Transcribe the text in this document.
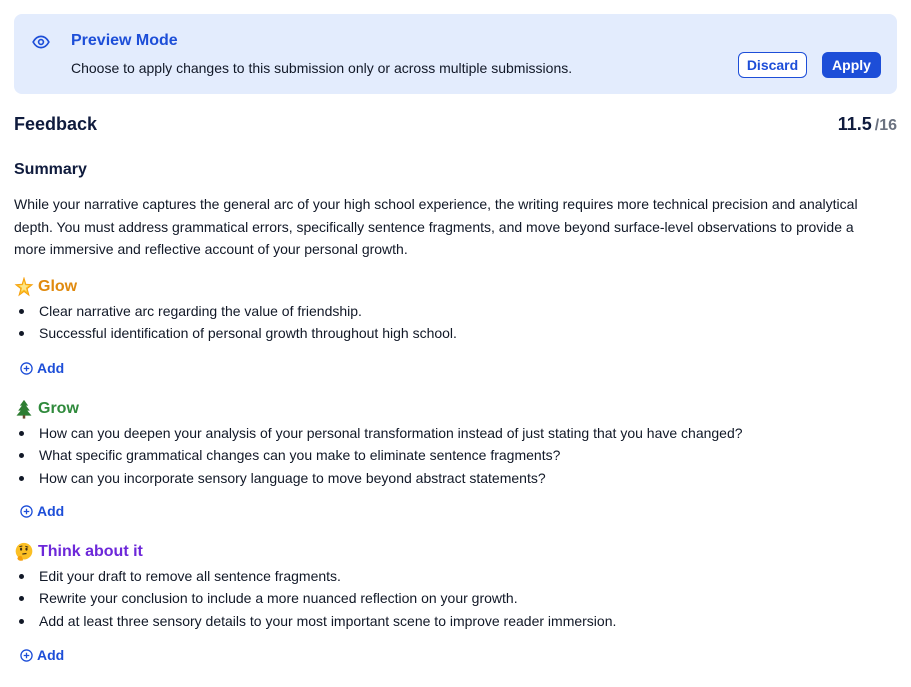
Preview Mode
Choose to apply changes to this submission only or across multiple submissions.	Discard	Apply
Feedback	11.5 /16
Summary
While your narrative captures the general arc of your high school experience, the writing requires more technical precision and analytical depth. You must address grammatical errors, specifically sentence fragments, and move beyond surface-level observations to provide a more immersive and reflective account of your personal growth.
Glow
Clear narrative arc regarding the value of friendship.
Successful identification of personal growth throughout high school.
Add
Grow
How can you deepen your analysis of your personal transformation instead of just stating that you have changed?
What specific grammatical changes can you make to eliminate sentence fragments?
How can you incorporate sensory language to move beyond abstract statements?
Add
Think about it
Edit your draft to remove all sentence fragments.
Rewrite your conclusion to include a more nuanced reflection on your growth.
Add at least three sensory details to your most important scene to improve reader immersion.
Add
